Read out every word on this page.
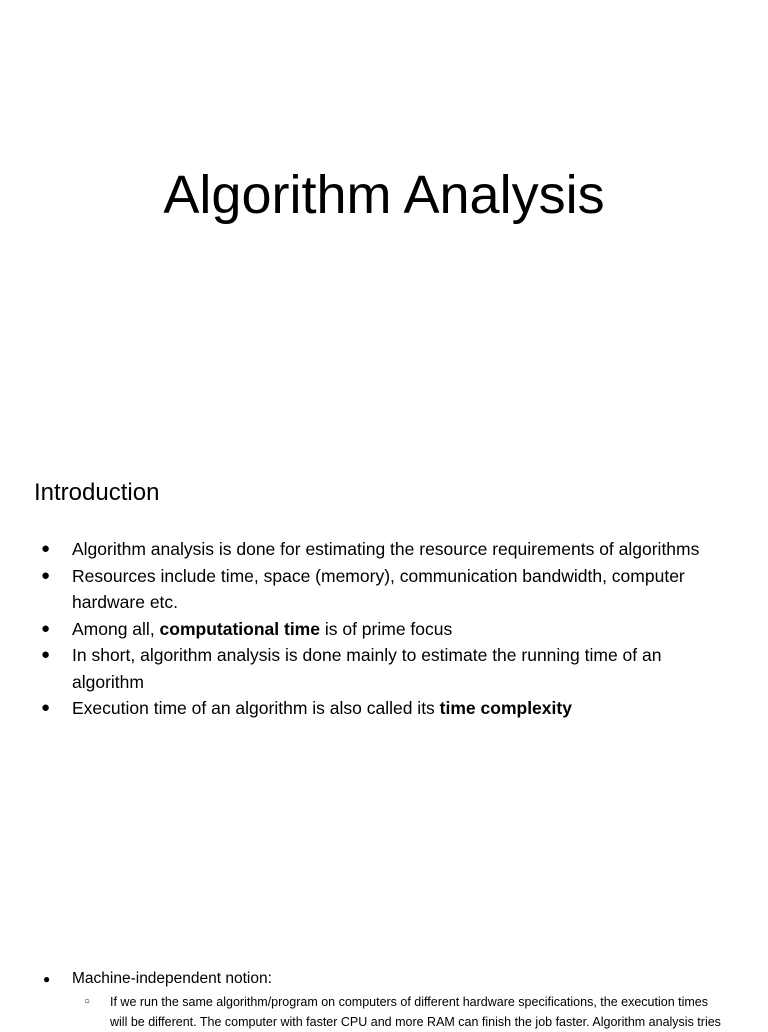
Algorithm Analysis
Introduction
● Algorithm analysis is done for estimating the resource requirements of algorithms
● Resources include time, space (memory), communication bandwidth, computer hardware etc.
● Among all, computational time is of prime focus
● In short, algorithm analysis is done mainly to estimate the running time of an algorithm
● Execution time of an algorithm is also called its time complexity
● Machine-independent notion:
○ If we run the same algorithm/program on computers of different hardware specifications, the execution times will be different. The computer with faster CPU and more RAM can finish the job faster. Algorithm analysis tries
